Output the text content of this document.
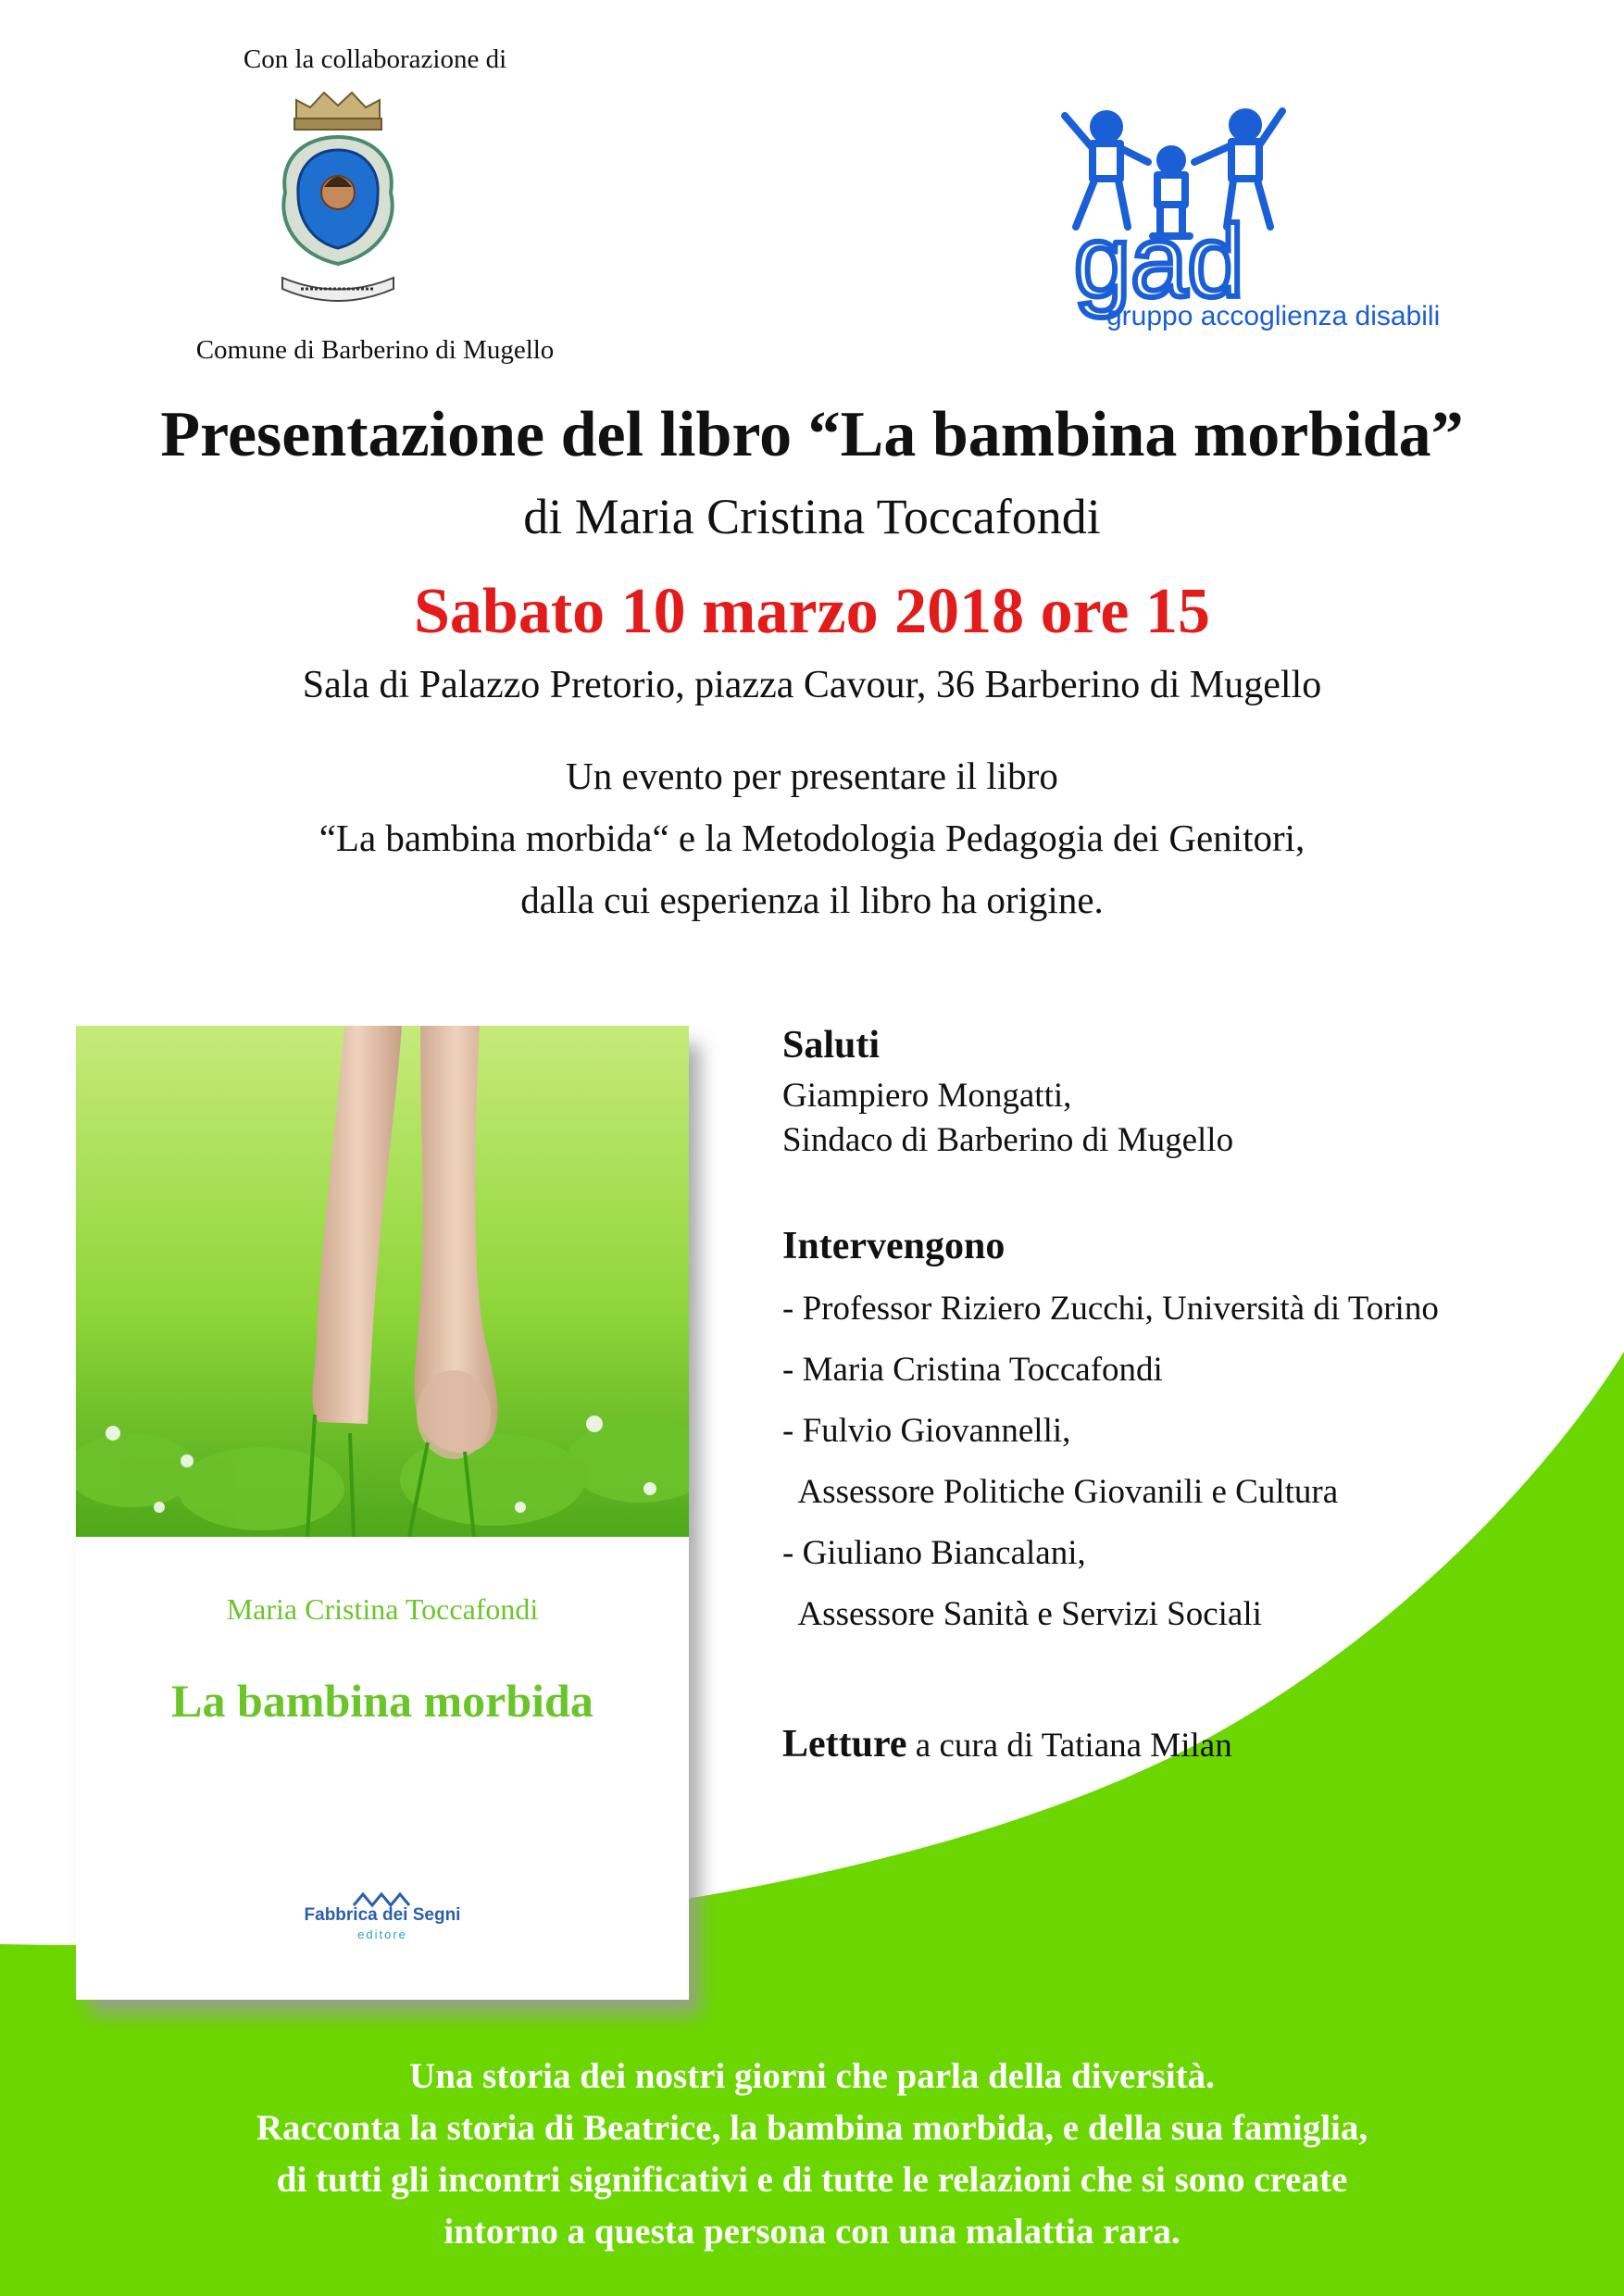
Con la collaborazione di
Comune di Barberino di Mugello
gad
gruppo accoglienza disabili
Presentazione del libro “La bambina morbida”
di Maria Cristina Toccafondi
Sabato 10 marzo 2018 ore 15
Sala di Palazzo Pretorio, piazza Cavour, 36 Barberino di Mugello
Un evento per presentare il libro
“La bambina morbida“ e la Metodologia Pedagogia dei Genitori,
dalla cui esperienza il libro ha origine.
Maria Cristina Toccafondi
La bambina morbida
Fabbrica dei Segni
editore
Saluti
Giampiero Mongatti,
Sindaco di Barberino di Mugello
Intervengono
- Professor Riziero Zucchi, Università di Torino
- Maria Cristina Toccafondi
- Fulvio Giovannelli,
Assessore Politiche Giovanili e Cultura
- Giuliano Biancalani,
Assessore Sanità e Servizi Sociali
Letture a cura di Tatiana Milan
Una storia dei nostri giorni che parla della diversità.
Racconta la storia di Beatrice, la bambina morbida, e della sua famiglia,
di tutti gli incontri significativi e di tutte le relazioni che si sono create
intorno a questa persona con una malattia rara.
